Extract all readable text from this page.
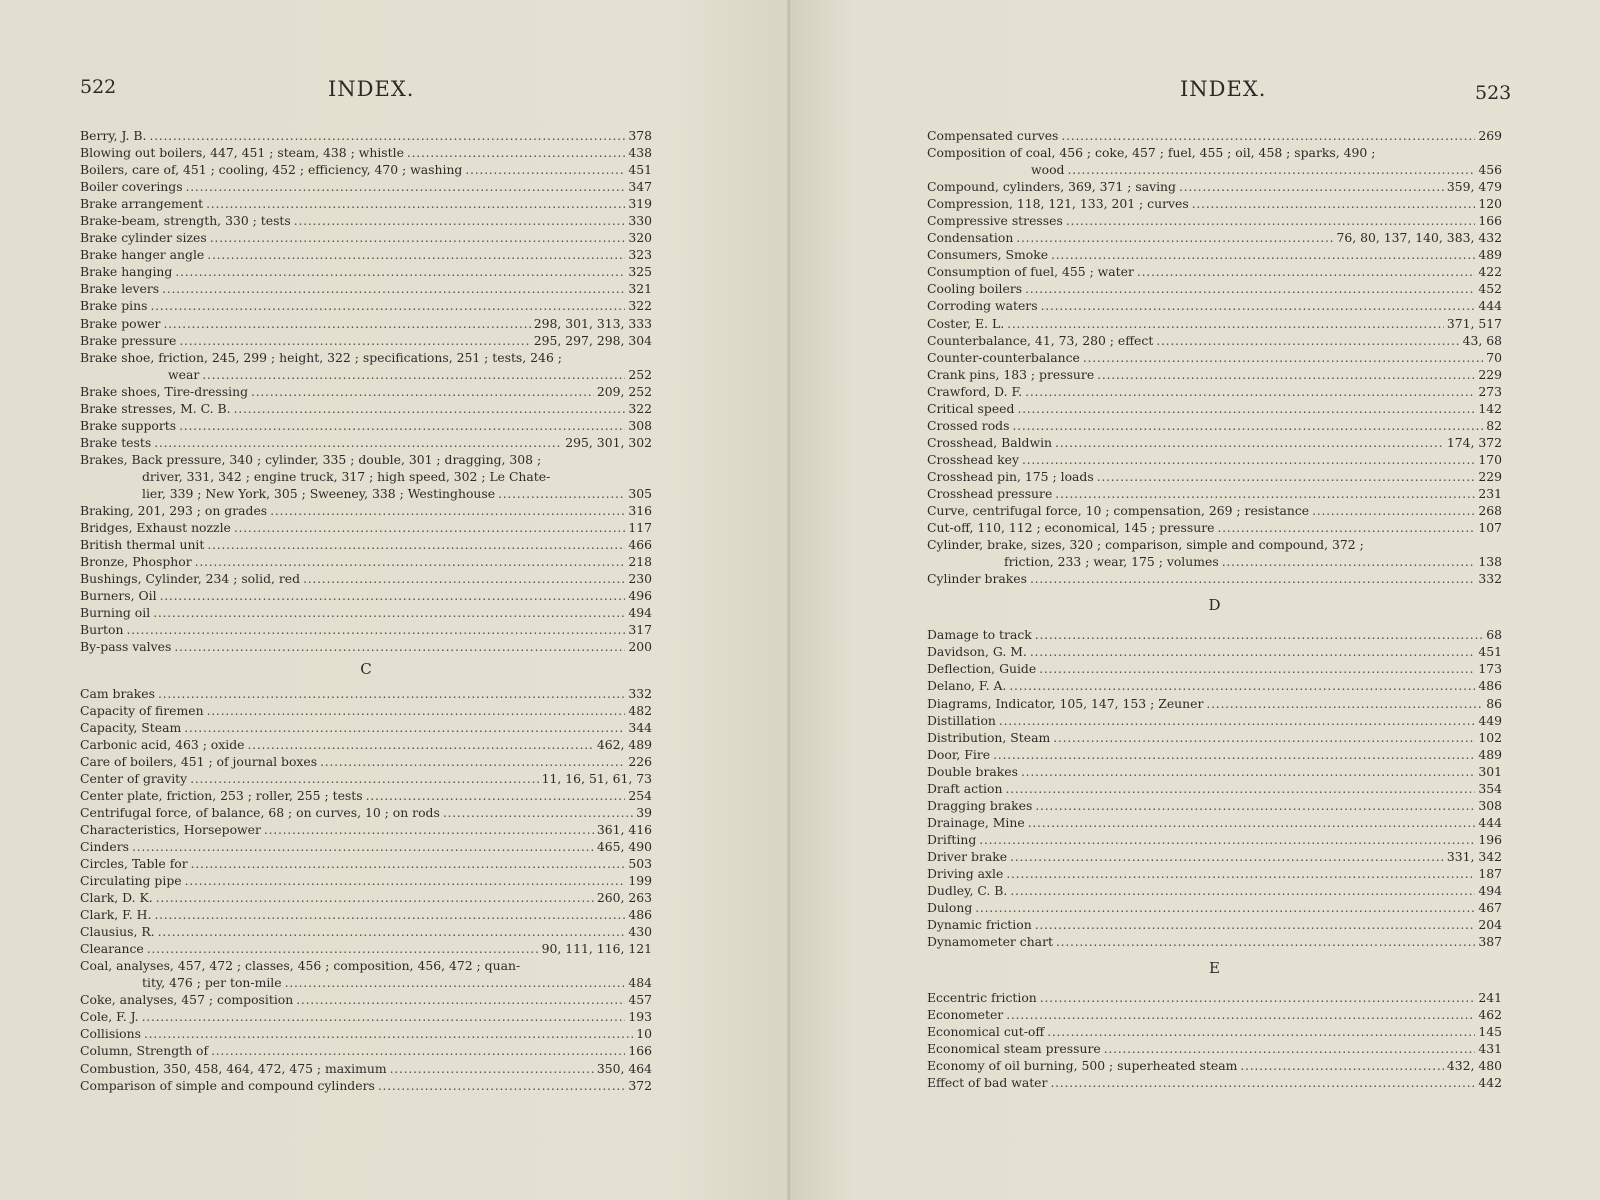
522	INDEX.
Berry, J. B. . . .	378
Blowing out boilers, 447, 451 ; steam, 438 ; whistle . . .	438
Boilers, care of, 451 ; cooling, 452 ; efficiency, 470 ; washing . . .	451
Boiler coverings . . .	347
Brake arrangement . . .	319
Brake-beam, strength, 330 ; tests . . .	330
Brake cylinder sizes . . .	320
Brake hanger angle . . .	323
Brake hanging . . .	325
Brake levers . . .	321
Brake pins . . .	322
Brake power . . .	298, 301, 313, 333
Brake pressure . . .	295, 297, 298, 304
Brake shoe, friction, 245, 299 ; height, 322 ; specifications, 251 ; tests, 246 ;
wear . . .	252
Brake shoes, Tire-dressing . . .	209, 252
Brake stresses, M. C. B. . . .	322
Brake supports . . .	308
Brake tests . . .	295, 301, 302
Brakes, Back pressure, 340 ; cylinder, 335 ; double, 301 ; dragging, 308 ;
driver, 331, 342 ; engine truck, 317 ; high speed, 302 ; Le Chate-
lier, 339 ; New York, 305 ; Sweeney, 338 ; Westinghouse . . .	305
Braking, 201, 293 ; on grades . . .	316
Bridges, Exhaust nozzle . . .	117
British thermal unit . . .	466
Bronze, Phosphor . . .	218
Bushings, Cylinder, 234 ; solid, red . . .	230
Burners, Oil . . .	496
Burning oil . . .	494
Burton . . .	317
By-pass valves . . .	200
C
Cam brakes . . .	332
Capacity of firemen . . .	482
Capacity, Steam . . .	344
Carbonic acid, 463 ; oxide . . .	462, 489
Care of boilers, 451 ; of journal boxes . . .	226
Center of gravity . . .	11, 16, 51, 61, 73
Center plate, friction, 253 ; roller, 255 ; tests . . .	254
Centrifugal force, of balance, 68 ; on curves, 10 ; on rods . . .	39
Characteristics, Horsepower . . .	361, 416
Cinders . . .	465, 490
Circles, Table for . . .	503
Circulating pipe . . .	199
Clark, D. K. . . .	260, 263
Clark, F. H. . . .	486
Clausius, R. . . .	430
Clearance . . .	90, 111, 116, 121
Coal, analyses, 457, 472 ; classes, 456 ; composition, 456, 472 ; quan-
tity, 476 ; per ton-mile . . .	484
Coke, analyses, 457 ; composition . . .	457
Cole, F. J. . . .	193
Collisions . . .	10
Column, Strength of . . .	166
Combustion, 350, 458, 464, 472, 475 ; maximum . . .	350, 464
Comparison of simple and compound cylinders . . .	372
INDEX.	523
Compensated curves . . .	269
Composition of coal, 456 ; coke, 457 ; fuel, 455 ; oil, 458 ; sparks, 490 ;
wood . . .	456
Compound, cylinders, 369, 371 ; saving . . .	359, 479
Compression, 118, 121, 133, 201 ; curves . . .	120
Compressive stresses . . .	166
Condensation . . .	76, 80, 137, 140, 383, 432
Consumers, Smoke . . .	489
Consumption of fuel, 455 ; water . . .	422
Cooling boilers . . .	452
Corroding waters . . .	444
Coster, E. L. . . .	371, 517
Counterbalance, 41, 73, 280 ; effect . . .	43, 68
Counter-counterbalance . . .	70
Crank pins, 183 ; pressure . . .	229
Crawford, D. F. . . .	273
Critical speed . . .	142
Crossed rods . . .	82
Crosshead, Baldwin . . .	174, 372
Crosshead key . . .	170
Crosshead pin, 175 ; loads . . .	229
Crosshead pressure . . .	231
Curve, centrifugal force, 10 ; compensation, 269 ; resistance . . .	268
Cut-off, 110, 112 ; economical, 145 ; pressure . . .	107
Cylinder, brake, sizes, 320 ; comparison, simple and compound, 372 ;
friction, 233 ; wear, 175 ; volumes . . .	138
Cylinder brakes . . .	332
D
Damage to track . . .	68
Davidson, G. M. . . .	451
Deflection, Guide . . .	173
Delano, F. A. . . .	486
Diagrams, Indicator, 105, 147, 153 ; Zeuner . . .	86
Distillation . . .	449
Distribution, Steam . . .	102
Door, Fire . . .	489
Double brakes . . .	301
Draft action . . .	354
Dragging brakes . . .	308
Drainage, Mine . . .	444
Drifting . . .	196
Driver brake . . .	331, 342
Driving axle . . .	187
Dudley, C. B. . . .	494
Dulong . . .	467
Dynamic friction . . .	204
Dynamometer chart . . .	387
E
Eccentric friction . . .	241
Econometer . . .	462
Economical cut-off . . .	145
Economical steam pressure . . .	431
Economy of oil burning, 500 ; superheated steam . . .	432, 480
Effect of bad water . . .	442
